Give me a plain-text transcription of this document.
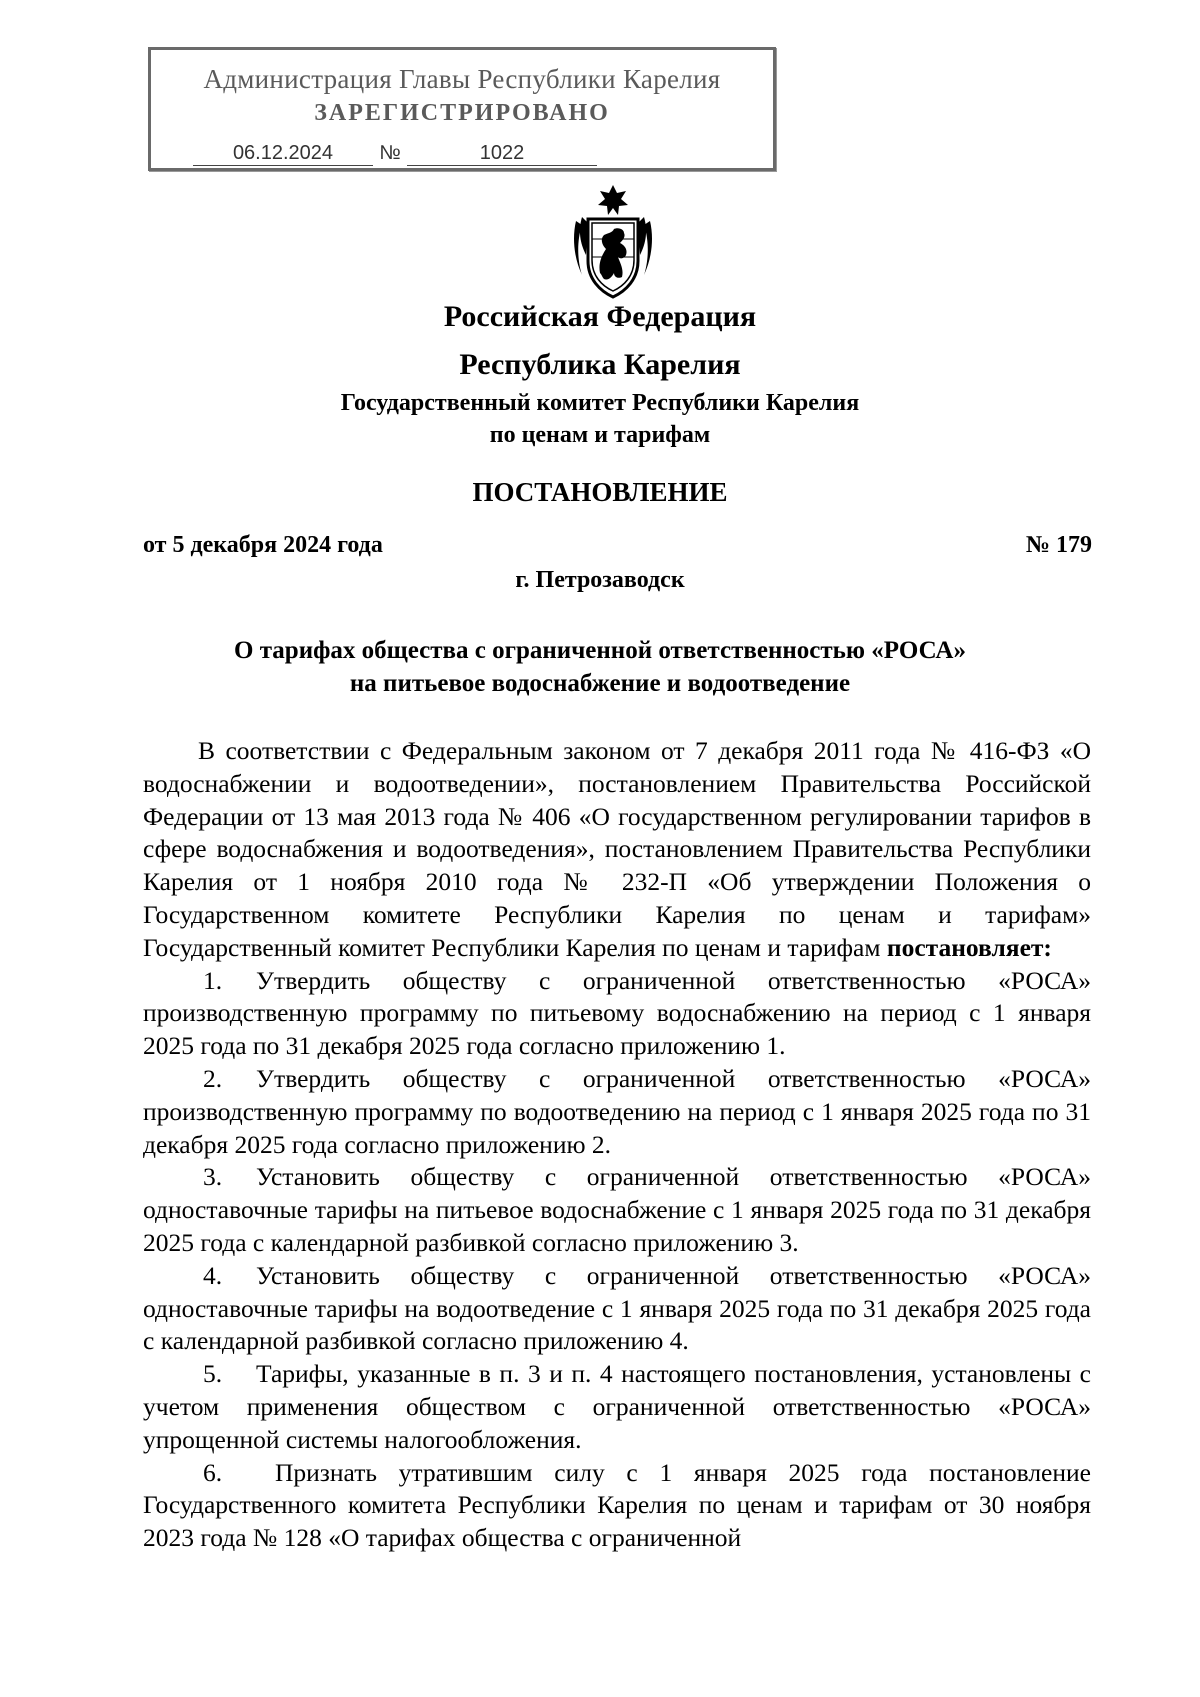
Администрация Главы Республики Карелия
ЗАРЕГИСТРИРОВАНО
06.12.2024	№	1022
Российская Федерация
Республика Карелия
Государственный комитет Республики Карелия
по ценам и тарифам
ПОСТАНОВЛЕНИЕ
от 5 декабря 2024 года	№ 179
г. Петрозаводск
О тарифах общества с ограниченной ответственностью «РОСА»
на питьевое водоснабжение и водоотведение

В соответствии с Федеральным законом от 7 декабря 2011 года № 416-ФЗ «О водоснабжении и водоотведении», постановлением Правительства Российской Федерации от 13 мая 2013 года № 406 «О государственном регулировании тарифов в сфере водоснабжения и водоотведения», постановлением Правительства Республики Карелия от 1 ноября 2010 года № 232-П «Об утверждении Положения о Государственном комитете Республики Карелия по ценам и тарифам» Государственный комитет Республики Карелия по ценам и тарифам постановляет:

1. Утвердить обществу с ограниченной ответственностью «РОСА» производственную программу по питьевому водоснабжению на период с 1 января 2025 года по 31 декабря 2025 года согласно приложению 1.

2. Утвердить обществу с ограниченной ответственностью «РОСА» производственную программу по водоотведению на период с 1 января 2025 года по 31 декабря 2025 года согласно приложению 2.

3. Установить обществу с ограниченной ответственностью «РОСА» одноставочные тарифы на питьевое водоснабжение с 1 января 2025 года по 31 декабря 2025 года с календарной разбивкой согласно приложению 3.

4. Установить обществу с ограниченной ответственностью «РОСА» одноставочные тарифы на водоотведение с 1 января 2025 года по 31 декабря 2025 года с календарной разбивкой согласно приложению 4.

5. Тарифы, указанные в п. 3 и п. 4 настоящего постановления, установлены с учетом применения обществом с ограниченной ответственностью «РОСА» упрощенной системы налогообложения.

6. Признать утратившим силу с 1 января 2025 года постановление Государственного комитета Республики Карелия по ценам и тарифам от 30 ноября 2023 года № 128 «О тарифах общества с ограниченной
